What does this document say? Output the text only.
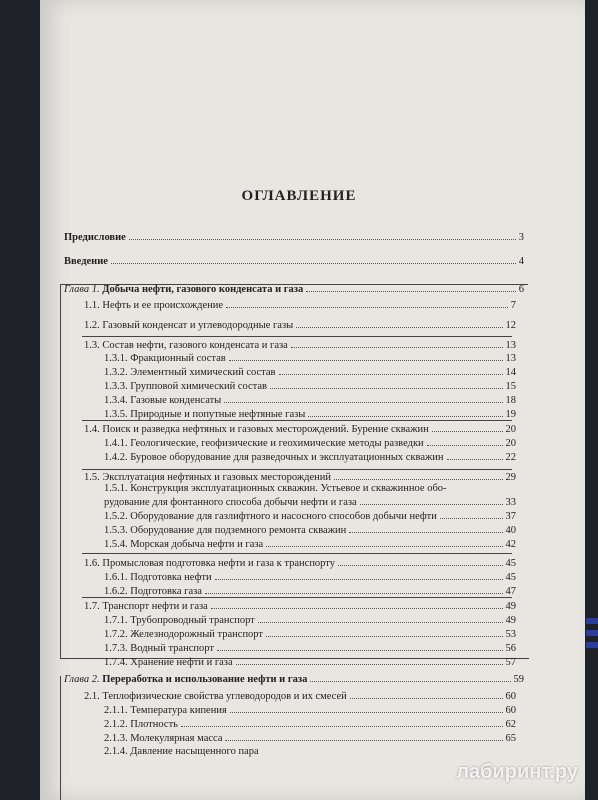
ОГЛАВЛЕНИЕ
Предисловие	3
Введение	4
Глава 1. Добыча нефти, газового конденсата и газа	6
1.1. Нефть и ее происхождение	7
1.2. Газовый конденсат и углеводородные газы	12
1.3. Состав нефти, газового конденсата и газа	13
1.3.1. Фракционный состав	13
1.3.2. Элементный химический состав	14
1.3.3. Групповой химический состав	15
1.3.4. Газовые конденсаты	18
1.3.5. Природные и попутные нефтяные газы	19
1.4. Поиск и разведка нефтяных и газовых месторождений. Бурение скважин	20
1.4.1. Геологические, геофизические и геохимические методы разведки	20
1.4.2. Буровое оборудование для разведочных и эксплуатационных скважин	22
1.5. Эксплуатация нефтяных и газовых месторождений	29
1.5.1. Конструкция эксплуатационных скважин. Устьевое и скважинное обо-
рудование для фонтанного способа добычи нефти и газа	33
1.5.2. Оборудование для газлифтного и насосного способов добычи нефти	37
1.5.3. Оборудование для подземного ремонта скважин	40
1.5.4. Морская добыча нефти и газа	42
1.6. Промысловая подготовка нефти и газа к транспорту	45
1.6.1. Подготовка нефти	45
1.6.2. Подготовка газа	47
1.7. Транспорт нефти и газа	49
1.7.1. Трубопроводный транспорт	49
1.7.2. Железнодорожный транспорт	53
1.7.3. Водный транспорт	56
1.7.4. Хранение нефти и газа	57
Глава 2. Переработка и использование нефти и газа	59
2.1. Теплофизические свойства углеводородов и их смесей	60
2.1.1. Температура кипения	60
2.1.2. Плотность	62
2.1.3. Молекулярная масса	65
2.1.4. Давление насыщенного пара
лабиринт.ру
